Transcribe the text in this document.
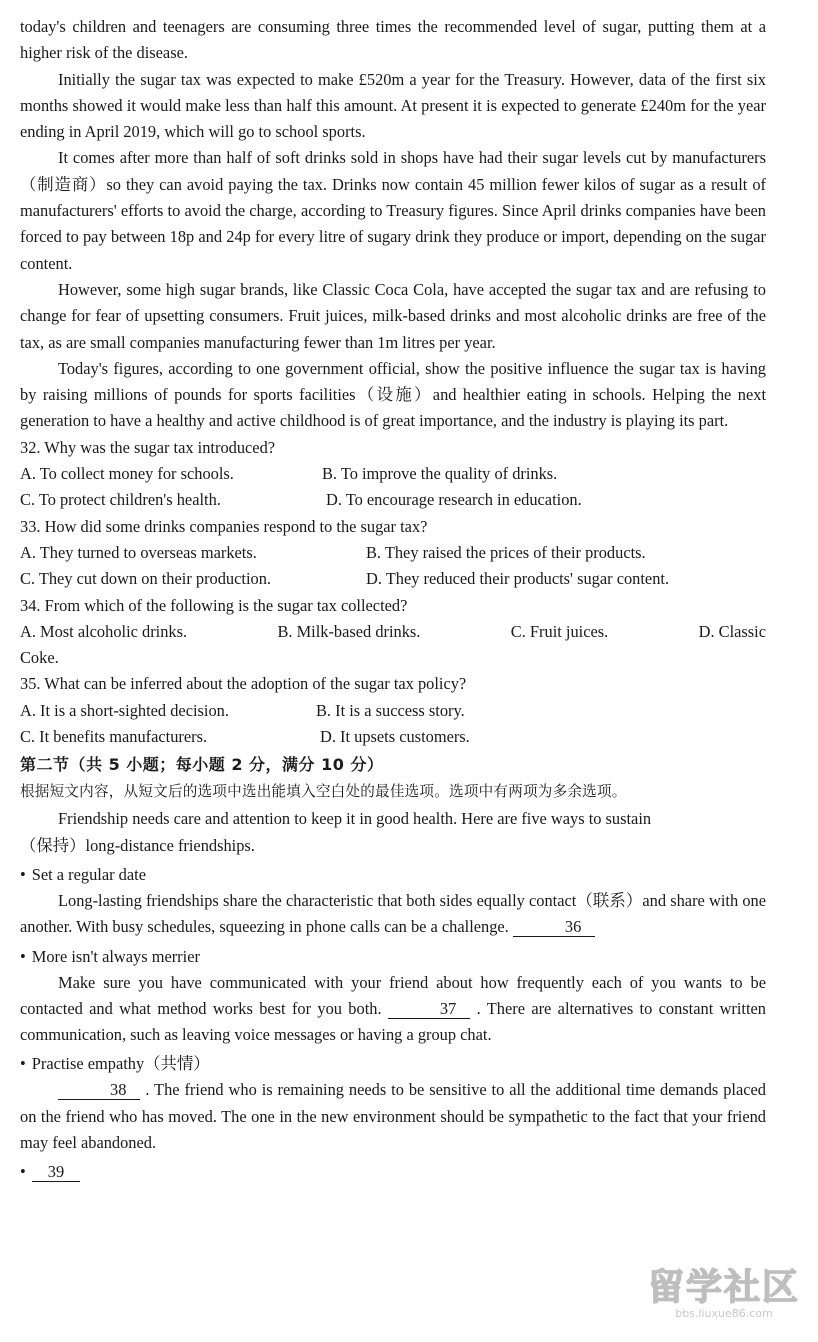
today's children and teenagers are consuming three times the recommended level of sugar, putting them at a higher risk of the disease.

Initially the sugar tax was expected to make £520m a year for the Treasury. However, data of the first six months showed it would make less than half this amount. At present it is expected to generate £240m for the year ending in April 2019, which will go to school sports.

It comes after more than half of soft drinks sold in shops have had their sugar levels cut by manufacturers（制造商）so they can avoid paying the tax. Drinks now contain 45 million fewer kilos of sugar as a result of manufacturers' efforts to avoid the charge, according to Treasury figures. Since April drinks companies have been forced to pay between 18p and 24p for every litre of sugary drink they produce or import, depending on the sugar content.

However, some high sugar brands, like Classic Coca Cola, have accepted the sugar tax and are refusing to change for fear of upsetting consumers. Fruit juices, milk-based drinks and most alcoholic drinks are free of the tax, as are small companies manufacturing fewer than 1m litres per year.

Today's figures, according to one government official, show the positive influence the sugar tax is having by raising millions of pounds for sports facilities（设施）and healthier eating in schools. Helping the next generation to have a healthy and active childhood is of great importance, and the industry is playing its part.

32. Why was the sugar tax introduced?

A. To collect money for schools.	B. To improve the quality of drinks.
C. To protect children's health.	D. To encourage research in education.

33. How did some drinks companies respond to the sugar tax?

A. They turned to overseas markets.	B. They raised the prices of their products.
C. They cut down on their production.	D. They reduced their products' sugar content.

34. From which of the following is the sugar tax collected?

A. Most alcoholic drinks.	B. Milk-based drinks.	C. Fruit juices.	D. Classic

Coke.

35. What can be inferred about the adoption of the sugar tax policy?

A. It is a short-sighted decision.	B. It is a success story.
C. It benefits manufacturers.	D. It upsets customers.

第二节（共 5 小题；每小题 2 分，满分 10 分）

根据短文内容，从短文后的选项中选出能填入空白处的最佳选项。选项中有两项为多余选项。

Friendship needs care and attention to keep it in good health. Here are five ways to sustain

（保持）long-distance friendships.

• Set a regular date

Long-lasting friendships share the characteristic that both sides equally contact（联系）and share with one another. With busy schedules, squeezing in phone calls can be a challenge.	36

• More isn't always merrier

Make sure you have communicated with your friend about how frequently each of you wants to be contacted and what method works best for you both.	37 . There are alternatives to constant written communication, such as leaving voice messages or having a group chat.

• Practise empathy（共情）

38 . The friend who is remaining needs to be sensitive to all the additional time demands placed on the friend who has moved. The one in the new environment should be sympathetic to the fact that your friend may feel abandoned.

• 39

留学社区
bbs.liuxue86.com
